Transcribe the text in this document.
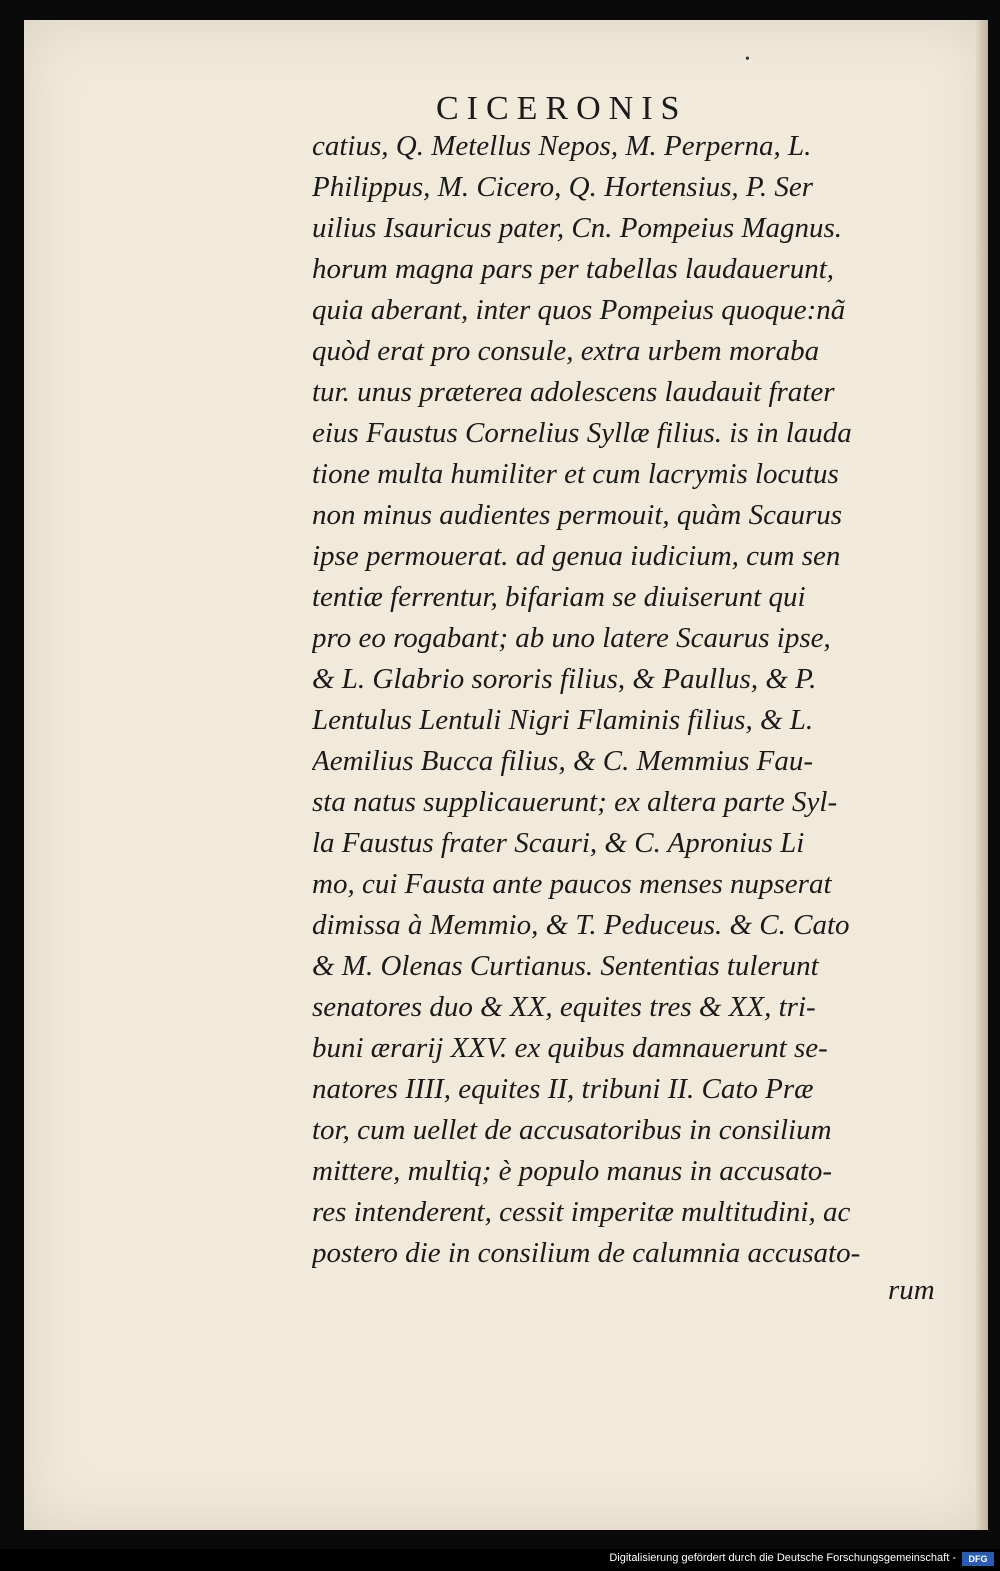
•
CICERONIS
catius, Q. Metellus Nepos, M. Perperna, L.
Philippus, M. Cicero, Q. Hortensius, P. Ser
uilius Isauricus pater, Cn. Pompeius Magnus.
horum magna pars per tabellas laudauerunt,
quia aberant, inter quos Pompeius quoque:nã
quòd erat pro consule, extra urbem moraba
tur. unus præterea adolescens laudauit frater
eius Faustus Cornelius Syllæ filius. is in lauda
tione multa humiliter et cum lacrymis locutus
non minus audientes permouit, quàm Scaurus
ipse permouerat. ad genua iudicium, cum sen
tentiæ ferrentur, bifariam se diuiserunt qui
pro eo rogabant; ab uno latere Scaurus ipse,
& L. Glabrio sororis filius, & Paullus, & P.
Lentulus Lentuli Nigri Flaminis filius, & L.
Aemilius Bucca filius, & C. Memmius Fau-
sta natus supplicauerunt; ex altera parte Syl-
la Faustus frater Scauri, & C. Apronius Li
mo, cui Fausta ante paucos menses nupserat
dimissa à Memmio, & T. Peduceus. & C. Cato
& M. Olenas Curtianus. Sententias tulerunt
senatores duo & XX, equites tres & XX, tri-
buni ærarij XXV. ex quibus damnauerunt se-
natores IIII, equites II, tribuni II. Cato Præ
tor, cum uellet de accusatoribus in consilium
mittere, multiq; è populo manus in accusato-
res intenderent, cessit imperitæ multitudini, ac
postero die in consilium de calumnia accusato-
rum
Digitalisierung gefördert durch die Deutsche Forschungsgemeinschaft -	DFG
